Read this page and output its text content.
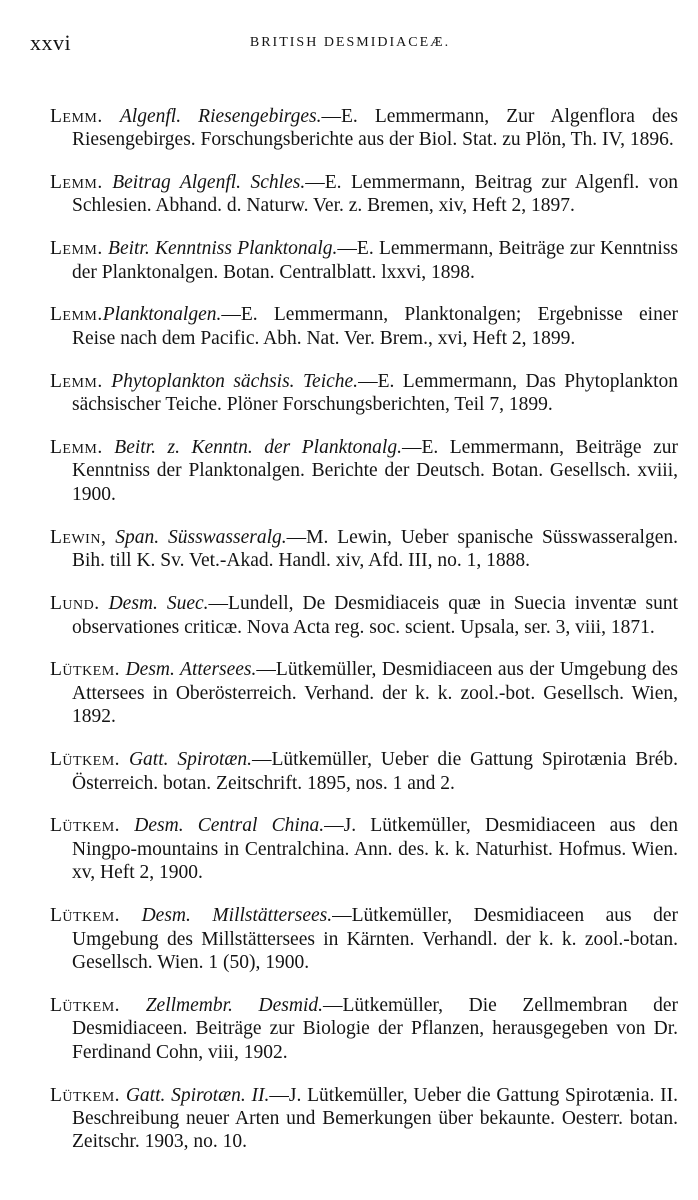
xxvi	BRITISH DESMIDIACEÆ.

Lemm. Algenfl. Riesengebirges.—E. Lemmermann, Zur Algenflora des Riesengebirges. Forschungsberichte aus der Biol. Stat. zu Plön, Th. IV, 1896.

Lemm. Beitrag Algenfl. Schles.—E. Lemmermann, Beitrag zur Algenfl. von Schlesien. Abhand. d. Naturw. Ver. z. Bremen, xiv, Heft 2, 1897.

Lemm. Beitr. Kenntniss Planktonalg.—E. Lemmermann, Beiträge zur Kenntniss der Planktonalgen. Botan. Centralblatt. lxxvi, 1898.

Lemm.Planktonalgen.—E. Lemmermann, Planktonalgen; Ergebnisse einer Reise nach dem Pacific. Abh. Nat. Ver. Brem., xvi, Heft 2, 1899.

Lemm. Phytoplankton sächsis. Teiche.—E. Lemmermann, Das Phytoplankton sächsischer Teiche. Plöner Forschungsberichten, Teil 7, 1899.

Lemm. Beitr. z. Kenntn. der Planktonalg.—E. Lemmermann, Beiträge zur Kenntniss der Planktonalgen. Berichte der Deutsch. Botan. Gesellsch. xviii, 1900.

Lewin, Span. Süsswasseralg.—M. Lewin, Ueber spanische Süsswasseralgen. Bih. till K. Sv. Vet.-Akad. Handl. xiv, Afd. III, no. 1, 1888.

Lund. Desm. Suec.—Lundell, De Desmidiaceis quæ in Suecia inventæ sunt observationes criticæ. Nova Acta reg. soc. scient. Upsala, ser. 3, viii, 1871.

Lütkem. Desm. Attersees.—Lütkemüller, Desmidiaceen aus der Umgebung des Attersees in Oberösterreich. Verhand. der k. k. zool.-bot. Gesellsch. Wien, 1892.

Lütkem. Gatt. Spirotæn.—Lütkemüller, Ueber die Gattung Spirotænia Bréb. Österreich. botan. Zeitschrift. 1895, nos. 1 and 2.

Lütkem. Desm. Central China.—J. Lütkemüller, Desmidiaceen aus den Ningpo-mountains in Centralchina. Ann. des. k. k. Naturhist. Hofmus. Wien. xv, Heft 2, 1900.

Lütkem. Desm. Millstättersees.—Lütkemüller, Desmidiaceen aus der Umgebung des Millstättersees in Kärnten. Verhandl. der k. k. zool.-botan. Gesellsch. Wien. 1 (50), 1900.

Lütkem. Zellmembr. Desmid.—Lütkemüller, Die Zellmembran der Desmidiaceen. Beiträge zur Biologie der Pflanzen, herausgegeben von Dr. Ferdinand Cohn, viii, 1902.

Lütkem. Gatt. Spirotæn. II.—J. Lütkemüller, Ueber die Gattung Spirotænia. II. Beschreibung neuer Arten und Bemerkungen über bekaunte. Oesterr. botan. Zeitschr. 1903, no. 10.
